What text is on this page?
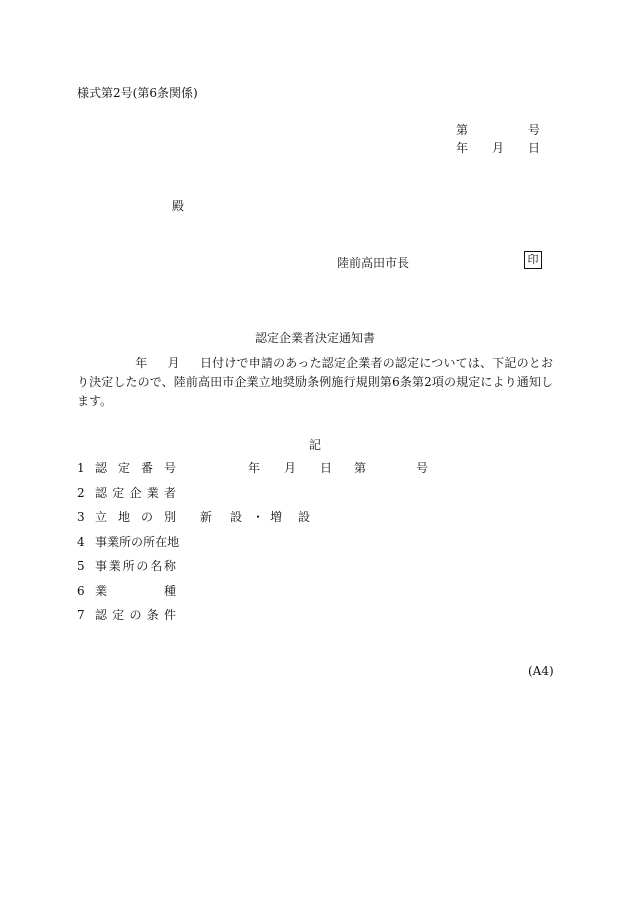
様式第2号(第6条関係)
第	号
年 月 日
殿
陸前高田市長	印
認定企業者決定通知書
年 月 日付けで申請のあった認定企業者の認定については、下記のとおり決定したので、陸前高田市企業立地奨励条例施行規則第6条第2項の規定により通知します。
記
1 認 定 番 号	年 月 日 第	号
2 認 定 企 業 者
3 立 地 の 別 新 設 ・ 増 設
4 事 業 所 の 所 在 地
5 事 業 所 の 名 称
6 業	種
7 認 定 の 条 件
(A4)
